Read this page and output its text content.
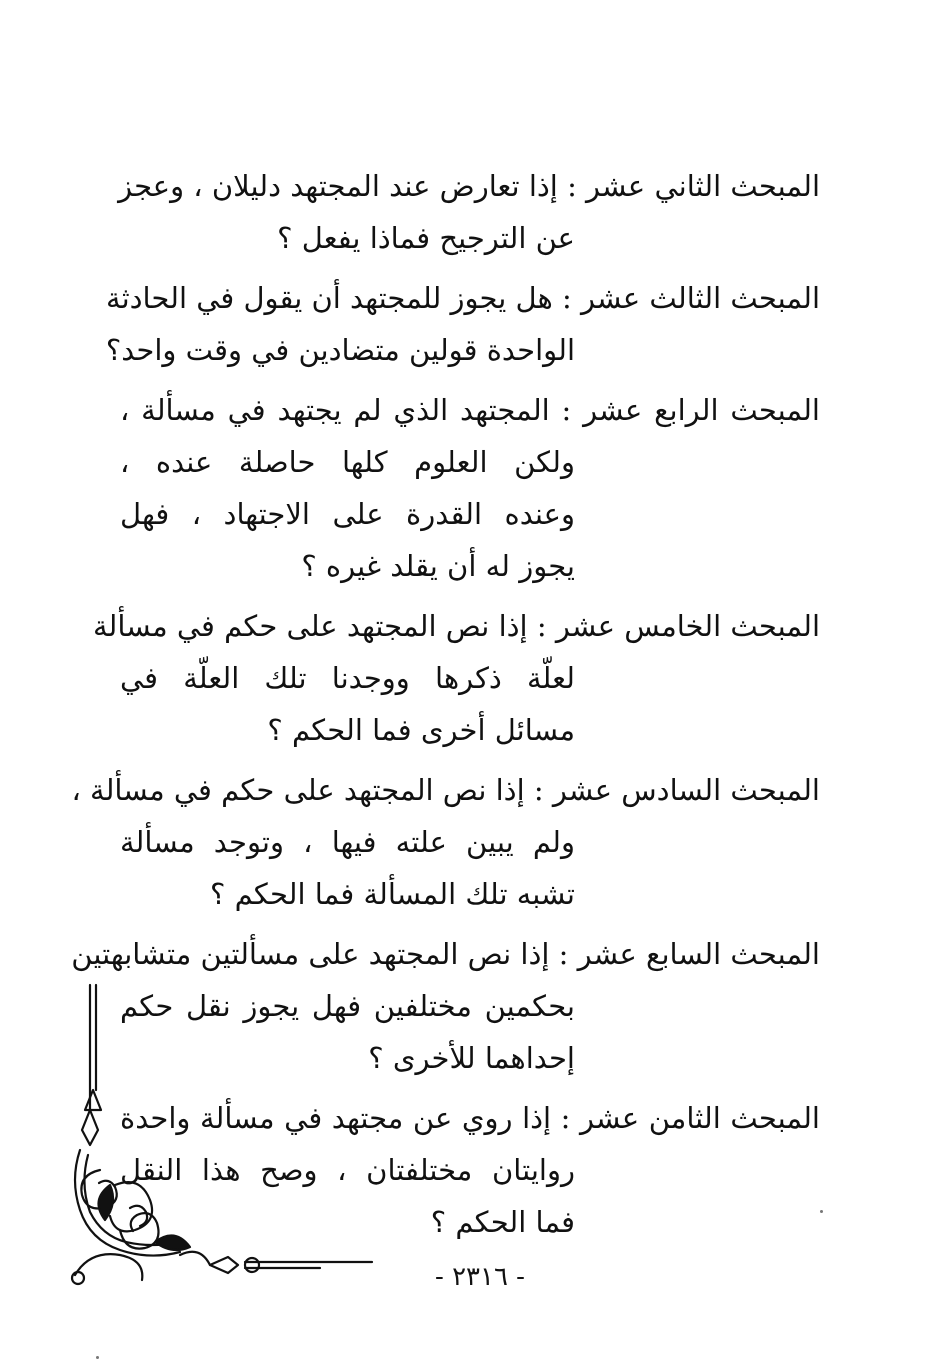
المبحث الثاني عشر : إذا تعارض عند المجتهد دليلان ، وعجز
عن الترجيح فماذا يفعل ؟
المبحث الثالث عشر : هل يجوز للمجتهد أن يقول في الحادثة
الواحدة قولين متضادين في وقت واحد؟
المبحث الرابع عشر : المجتهد الذي لم يجتهد في مسألة ،
ولكن العلوم كلها حاصلة عنده ،
وعنده القدرة على الاجتهاد ، فهل
يجوز له أن يقلد غيره ؟
المبحث الخامس عشر : إذا نص المجتهد على حكم في مسألة
لعلّة ذكرها ووجدنا تلك العلّة في
مسائل أخرى فما الحكم ؟
المبحث السادس عشر : إذا نص المجتهد على حكم في مسألة ،
ولم يبين علته فيها ، وتوجد مسألة
تشبه تلك المسألة فما الحكم ؟
المبحث السابع عشر : إذا نص المجتهد على مسألتين متشابهتين
بحكمين مختلفين فهل يجوز نقل حكم
إحداهما للأخرى ؟
المبحث الثامن عشر : إذا روي عن مجتهد في مسألة واحدة
روايتان مختلفتان ، وصح هذا النقل
فما الحكم ؟
- ٢٣١٦ -
